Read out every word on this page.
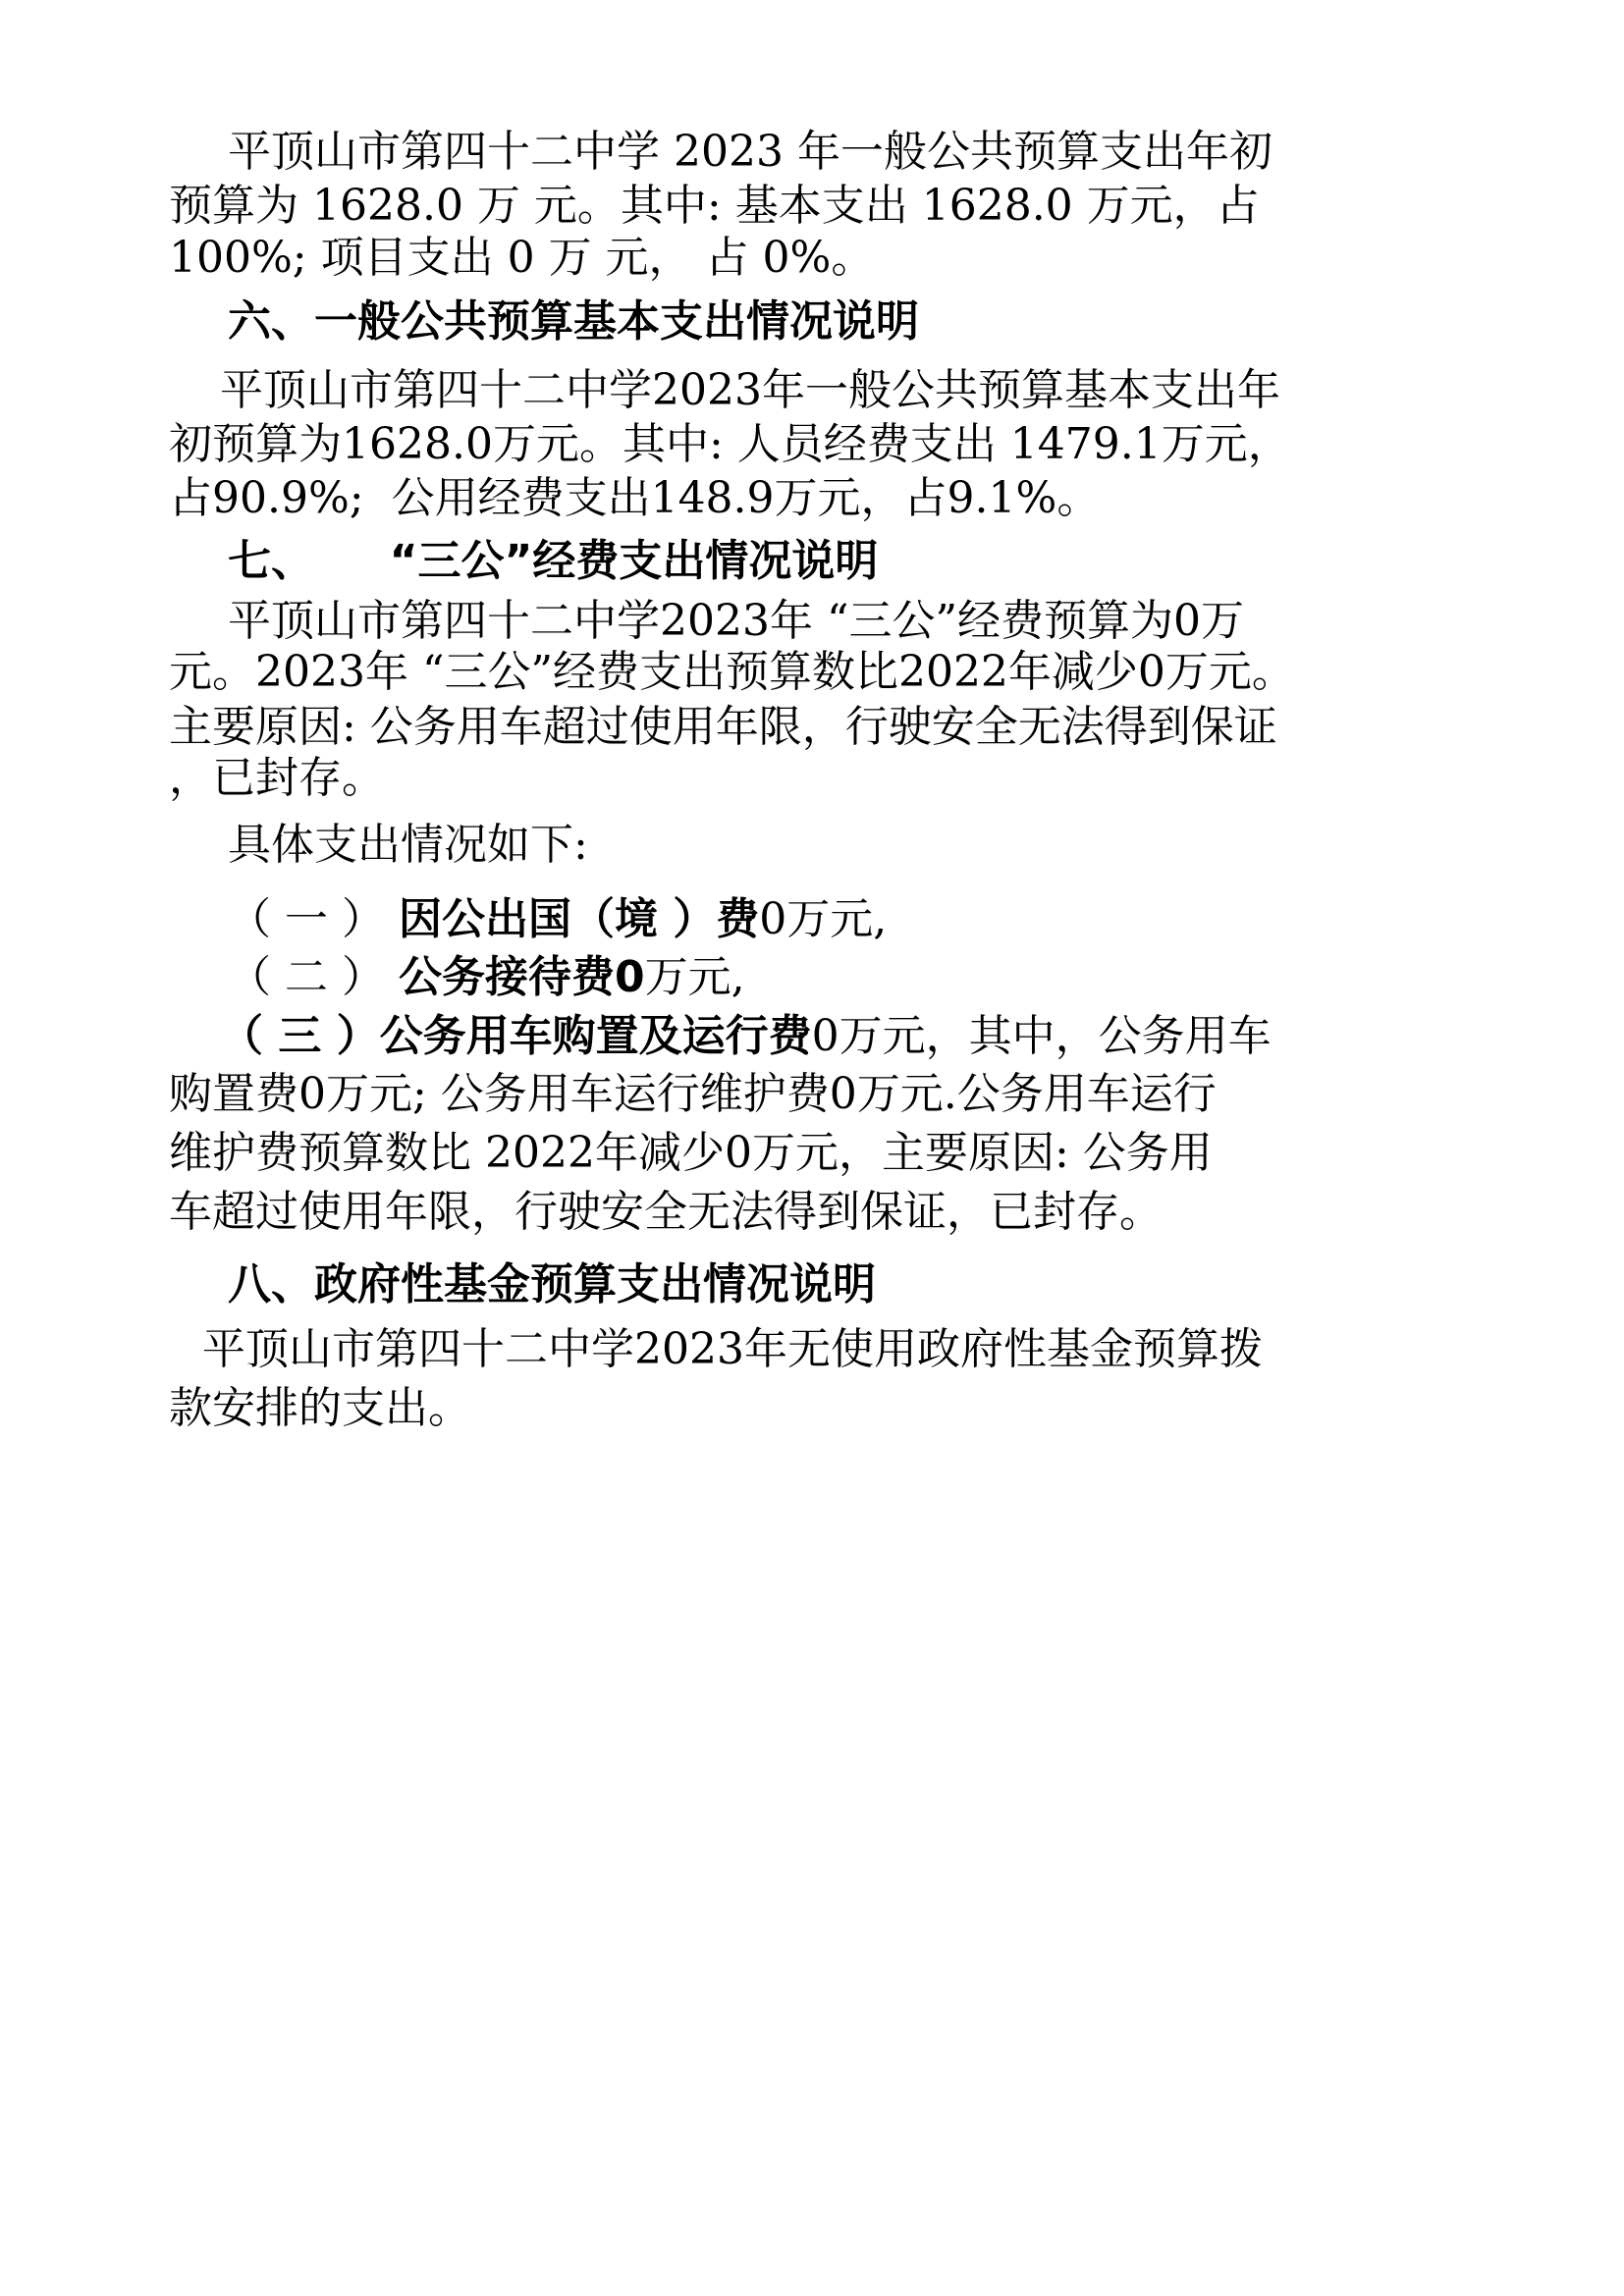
平顶山市第四十二中学 2023 年一般公共预算支出年初

预算为 1628.0 万 元。其中: 基本支出 1628.0 万元，占

100%; 项目支出 0 万 元， 占 0%。

六、一般公共预算基本支出情况说明

平顶山市第四十二中学2023年一般公共预算基本支出年

初预算为1628.0万元。其中: 人员经费支出 1479.1万元，

占90.9%;  公用经费支出148.9万元，占9.1%。

七、     “三公”经费支出情况说明

平顶山市第四十二中学2023年 “三公”经费预算为0万

元。2023年 “三公”经费支出预算数比2022年减少0万元。

主要原因: 公务用车超过使用年限，行驶安全无法得到保证

，已封存。

具体支出情况如下:

（ 一 ） 因公出国（境 ）费0万元,

（ 二 ） 公务接待费0万元,

（ 三 ）公务用车购置及运行费0万元，其中，公务用车

购置费0万元; 公务用车运行维护费0万元.公务用车运行

维护费预算数比 2022年减少0万元，主要原因: 公务用

车超过使用年限，行驶安全无法得到保证，已封存。

八、政府性基金预算支出情况说明

平顶山市第四十二中学2023年无使用政府性基金预算拨

款安排的支出。
